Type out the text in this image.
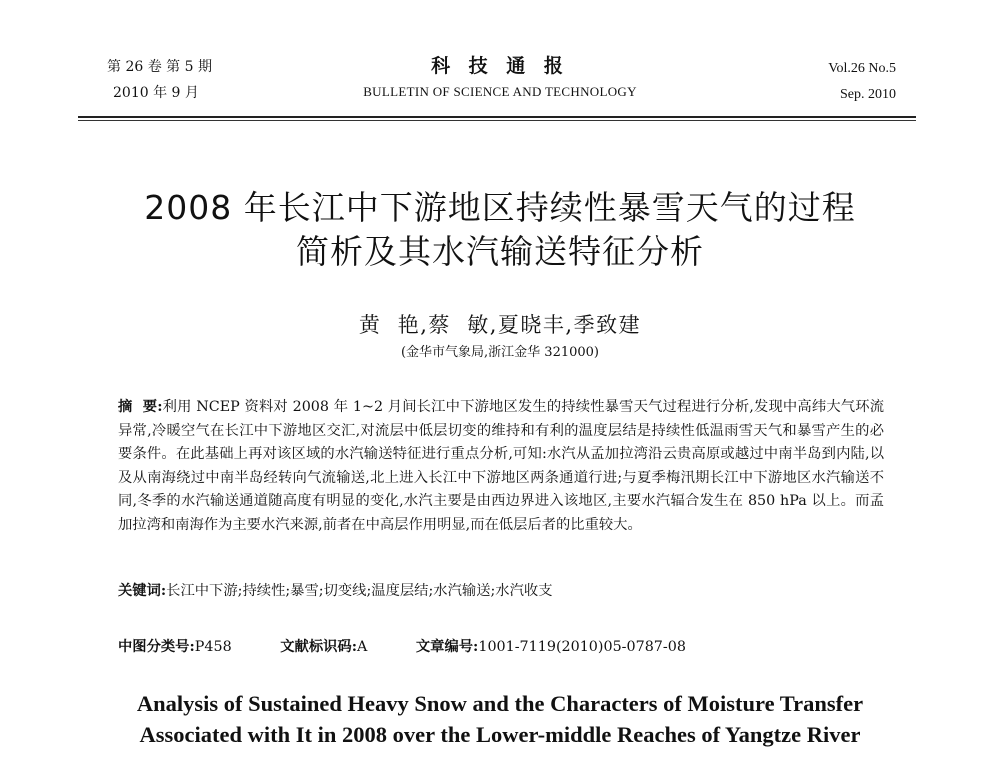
第 26 卷 第 5 期
2010 年 9 月
科 技 通 报
BULLETIN OF SCIENCE AND TECHNOLOGY
Vol.26 No.5
Sep. 2010
2008 年长江中下游地区持续性暴雪天气的过程
简析及其水汽输送特征分析
黄  艳,蔡  敏,夏晓丰,季致建
(金华市气象局,浙江金华 321000)

摘  要:利用 NCEP 资料对 2008 年 1~2 月间长江中下游地区发生的持续性暴雪天气过程进行分析,发现中高纬大气环流异常,冷暖空气在长江中下游地区交汇,对流层中低层切变的维持和有利的温度层结是持续性低温雨雪天气和暴雪产生的必要条件。在此基础上再对该区域的水汽输送特征进行重点分析,可知:水汽从孟加拉湾沿云贵高原或越过中南半岛到内陆,以及从南海绕过中南半岛经转向气流输送,北上进入长江中下游地区两条通道行进;与夏季梅汛期长江中下游地区水汽输送不同,冬季的水汽输送通道随高度有明显的变化,水汽主要是由西边界进入该地区,主要水汽辐合发生在 850 hPa 以上。而孟加拉湾和南海作为主要水汽来源,前者在中高层作用明显,而在低层后者的比重较大。

关键词:长江中下游;持续性;暴雪;切变线;温度层结;水汽输送;水汽收支
中图分类号:P458	文献标识码:A	文章编号:1001-7119(2010)05-0787-08
Analysis of Sustained Heavy Snow and the Characters of Moisture Transfer
Associated with It in 2008 over the Lower-middle Reaches of Yangtze River
